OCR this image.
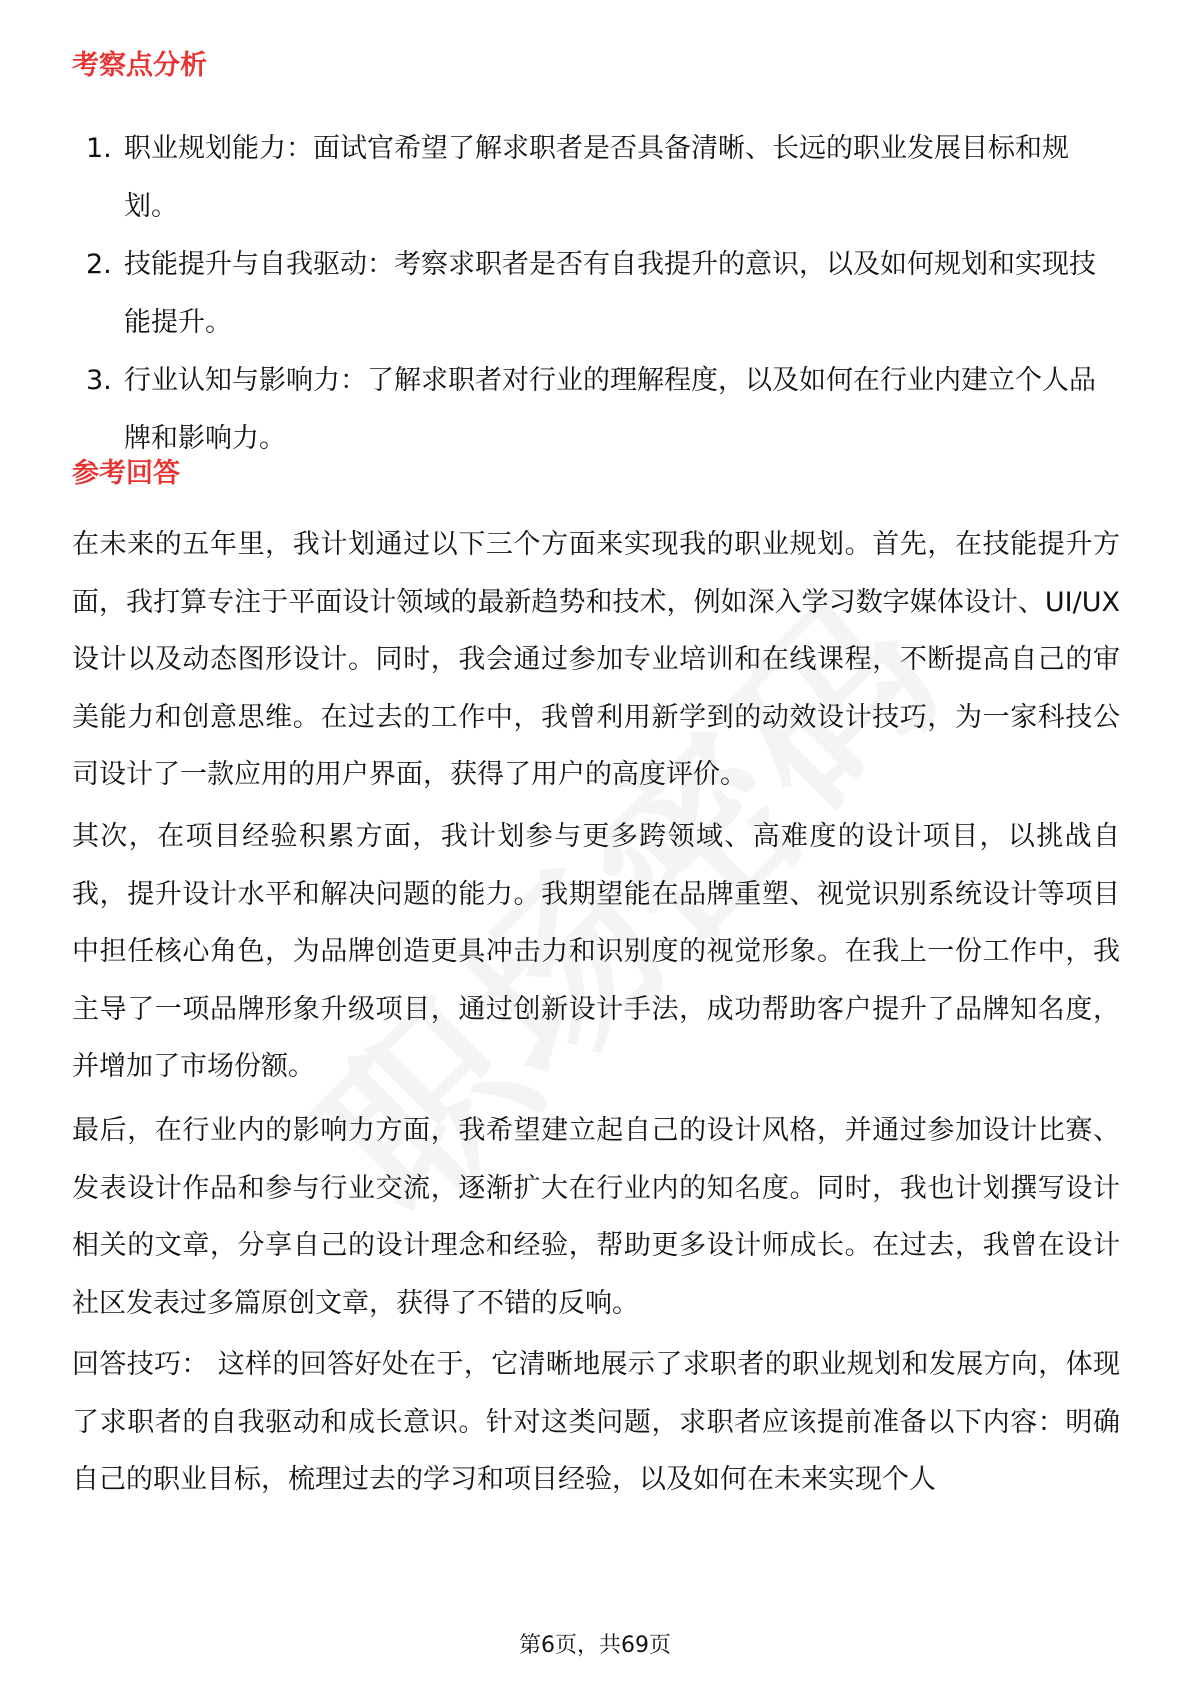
考察点分析
1. 职业规划能力：面试官希望了解求职者是否具备清晰、长远的职业发展目标和规划。
2. 技能提升与自我驱动：考察求职者是否有自我提升的意识，以及如何规划和实现技能提升。
3. 行业认知与影响力：了解求职者对行业的理解程度，以及如何在行业内建立个人品牌和影响力。
参考回答

在未来的五年里，我计划通过以下三个方面来实现我的职业规划。首先，在技能提升方面，我打算专注于平面设计领域的最新趋势和技术，例如深入学习数字媒体设计、UI/UX设计以及动态图形设计。同时，我会通过参加专业培训和在线课程，不断提高自己的审美能力和创意思维。在过去的工作中，我曾利用新学到的动效设计技巧，为一家科技公司设计了一款应用的用户界面，获得了用户的高度评价。

其次，在项目经验积累方面，我计划参与更多跨领域、高难度的设计项目，以挑战自我，提升设计水平和解决问题的能力。我期望能在品牌重塑、视觉识别系统设计等项目中担任核心角色，为品牌创造更具冲击力和识别度的视觉形象。在我上一份工作中，我主导了一项品牌形象升级项目，通过创新设计手法，成功帮助客户提升了品牌知名度，并增加了市场份额。

最后，在行业内的影响力方面，我希望建立起自己的设计风格，并通过参加设计比赛、发表设计作品和参与行业交流，逐渐扩大在行业内的知名度。同时，我也计划撰写设计相关的文章，分享自己的设计理念和经验，帮助更多设计师成长。在过去，我曾在设计社区发表过多篇原创文章，获得了不错的反响。

回答技巧： 这样的回答好处在于，它清晰地展示了求职者的职业规划和发展方向，体现了求职者的自我驱动和成长意识。针对这类问题，求职者应该提前准备以下内容：明确自己的职业目标，梳理过去的学习和项目经验，以及如何在未来实现个人

第6页，共69页
